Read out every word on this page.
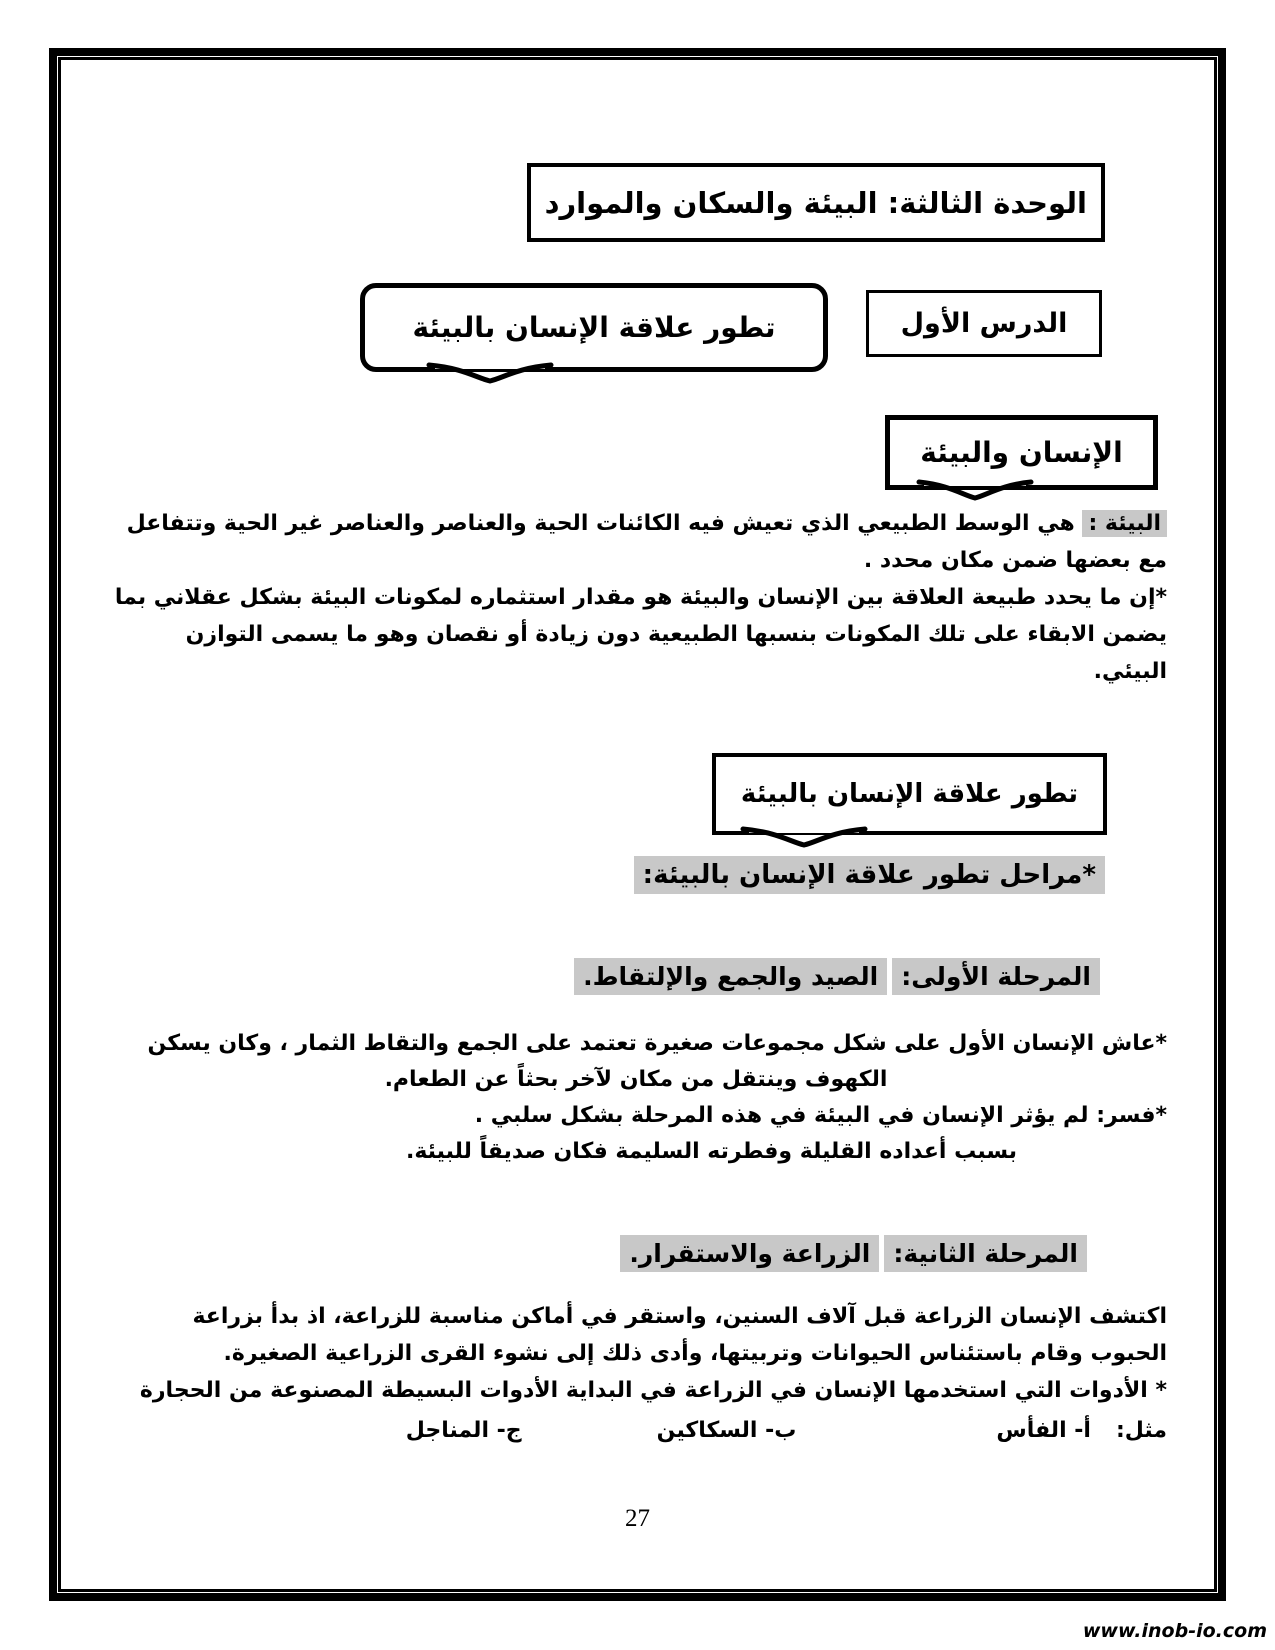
الوحدة الثالثة: البيئة والسكان والموارد
الدرس الأول
تطور علاقة الإنسان بالبيئة
الإنسان والبيئة
البيئة : هي الوسط الطبيعي الذي تعيش فيه الكائنات الحية والعناصر والعناصر غير الحية وتتفاعل
مع بعضها ضمن مكان محدد .
*إن ما يحدد طبيعة العلاقة بين الإنسان والبيئة هو مقدار استثماره لمكونات البيئة بشكل عقلاني بما
يضمن الابقاء على تلك المكونات بنسبها الطبيعية دون زيادة أو نقصان وهو ما يسمى التوازن
البيئي.
تطور علاقة الإنسان بالبيئة
*مراحل تطور علاقة الإنسان بالبيئة:
المرحلة الأولى:
الصيد والجمع والإلتقاط.
*عاش الإنسان الأول على شكل مجموعات صغيرة تعتمد على الجمع والتقاط الثمار ، وكان يسكن
الكهوف وينتقل من مكان لآخر بحثاً عن الطعام.
*فسر: لم يؤثر الإنسان في البيئة في هذه المرحلة بشكل سلبي .
بسبب أعداده القليلة وفطرته السليمة فكان صديقاً للبيئة.
المرحلة الثانية:
الزراعة والاستقرار.
اكتشف الإنسان الزراعة قبل آلاف السنين، واستقر في أماكن مناسبة للزراعة، اذ بدأ بزراعة
الحبوب وقام باستئناس الحيوانات وتربيتها، وأدى ذلك إلى نشوء القرى الزراعية الصغيرة.
* الأدوات التي استخدمها الإنسان في الزراعة في البداية الأدوات البسيطة المصنوعة من الحجارة
مثل:
أ- الفأس
ب- السكاكين
ج- المناجل
27
www.inob-io.com
